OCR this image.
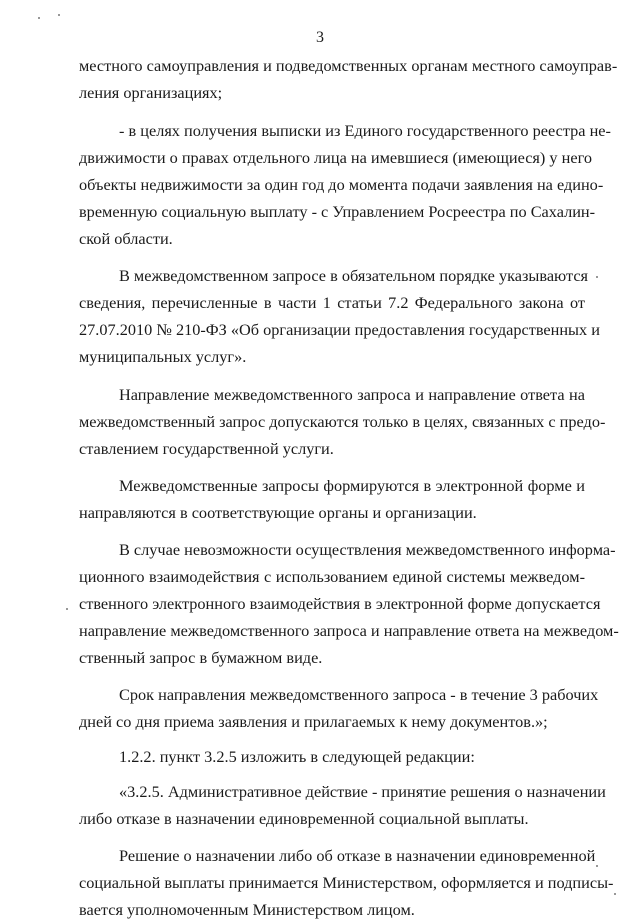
3

местного самоуправления и подведомственных органам местного самоуправ-
ления организациях;

- в целях получения выписки из Единого государственного реестра не-
движимости о правах отдельного лица на имевшиеся (имеющиеся) у него
объекты недвижимости за один год до момента подачи заявления на едино-
временную социальную выплату - с Управлением Росреестра по Сахалин-
ской области.

В межведомственном запросе в обязательном порядке указываются
сведения, перечисленные в части 1 статьи 7.2 Федерального закона от
27.07.2010 № 210-ФЗ «Об организации предоставления государственных и
муниципальных услуг».

Направление межведомственного запроса и направление ответа на
межведомственный запрос допускаются только в целях, связанных с предо-
ставлением государственной услуги.

Межведомственные запросы формируются в электронной форме и
направляются в соответствующие органы и организации.

В случае невозможности осуществления межведомственного информа-
ционного взаимодействия с использованием единой системы межведом-
ственного электронного взаимодействия в электронной форме допускается
направление межведомственного запроса и направление ответа на межведом-
ственный запрос в бумажном виде.

Срок направления межведомственного запроса - в течение 3 рабочих
дней со дня приема заявления и прилагаемых к нему документов.»;

1.2.2. пункт 3.2.5 изложить в следующей редакции:

«3.2.5. Административное действие - принятие решения о назначении
либо отказе в назначении единовременной социальной выплаты.

Решение о назначении либо об отказе в назначении единовременной
социальной выплаты принимается Министерством, оформляется и подписы-
вается уполномоченным Министерством лицом.
